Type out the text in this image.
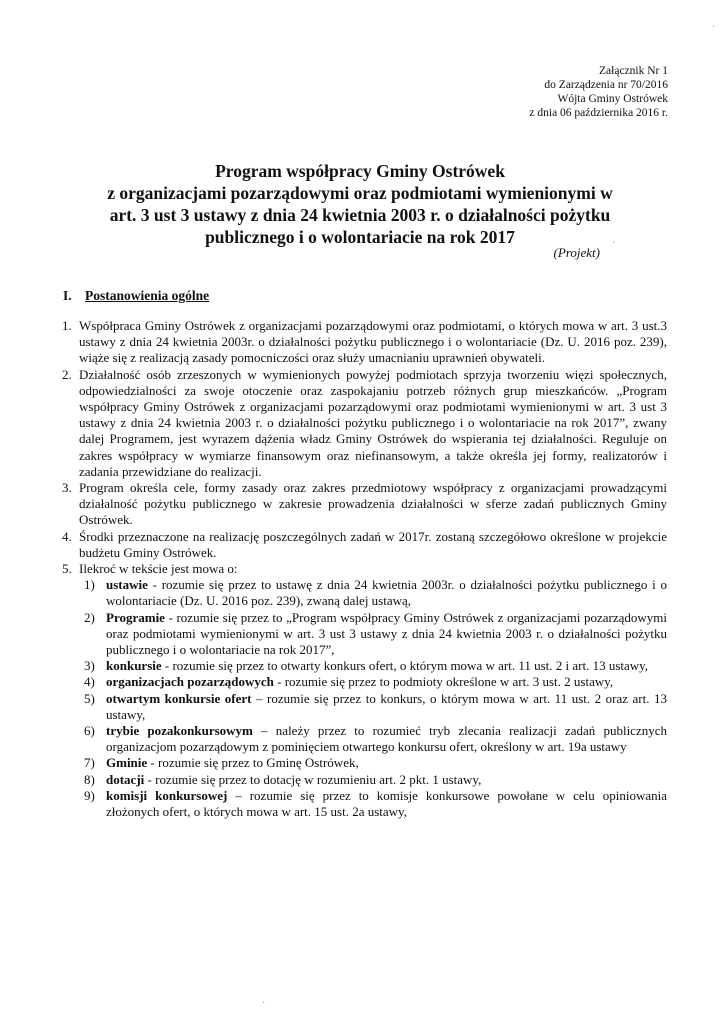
Załącznik Nr 1
do Zarządzenia nr 70/2016
Wójta Gminy Ostrówek
z dnia 06 października 2016 r.
Program współpracy Gminy Ostrówek
z organizacjami pozarządowymi oraz podmiotami wymienionymi w
art. 3 ust 3 ustawy z dnia 24 kwietnia 2003 r. o działalności pożytku
publicznego i o wolontariacie na rok 2017
(Projekt)
I. Postanowienia ogólne
1. Współpraca Gminy Ostrówek z organizacjami pozarządowymi oraz podmiotami, o których mowa w art. 3 ust.3 ustawy z dnia 24 kwietnia 2003r. o działalności pożytku publicznego i o wolontariacie (Dz. U. 2016 poz. 239), wiąże się z realizacją zasady pomocniczości oraz służy umacnianiu uprawnień obywateli.
2. Działalność osób zrzeszonych w wymienionych powyżej podmiotach sprzyja tworzeniu więzi społecznych, odpowiedzialności za swoje otoczenie oraz zaspokajaniu potrzeb różnych grup mieszkańców. „Program współpracy Gminy Ostrówek z organizacjami pozarządowymi oraz podmiotami wymienionymi w art. 3 ust 3 ustawy z dnia 24 kwietnia 2003 r. o działalności pożytku publicznego i o wolontariacie na rok 2017”, zwany dalej Programem, jest wyrazem dążenia władz Gminy Ostrówek do wspierania tej działalności. Reguluje on zakres współpracy w wymiarze finansowym oraz niefinansowym, a także określa jej formy, realizatorów i zadania przewidziane do realizacji.
3. Program określa cele, formy zasady oraz zakres przedmiotowy współpracy z organizacjami prowadzącymi działalność pożytku publicznego w zakresie prowadzenia działalności w sferze zadań publicznych Gminy Ostrówek.
4. Środki przeznaczone na realizację poszczególnych zadań w 2017r. zostaną szczegółowo określone w projekcie budżetu Gminy Ostrówek.
5. Ilekroć w tekście jest mowa o:
1) ustawie - rozumie się przez to ustawę z dnia 24 kwietnia 2003r. o działalności pożytku publicznego i o wolontariacie (Dz. U. 2016 poz. 239), zwaną dalej ustawą,
2) Programie - rozumie się przez to „Program współpracy Gminy Ostrówek z organizacjami pozarządowymi oraz podmiotami wymienionymi w art. 3 ust 3 ustawy z dnia 24 kwietnia 2003 r. o działalności pożytku publicznego i o wolontariacie na rok 2017”,
3) konkursie - rozumie się przez to otwarty konkurs ofert, o którym mowa w art. 11 ust. 2 i art. 13 ustawy,
4) organizacjach pozarządowych - rozumie się przez to podmioty określone w art. 3 ust. 2 ustawy,
5) otwartym konkursie ofert – rozumie się przez to konkurs, o którym mowa w art. 11 ust. 2 oraz art. 13 ustawy,
6) trybie pozakonkursowym – należy przez to rozumieć tryb zlecania realizacji zadań publicznych organizacjom pozarządowym z pominięciem otwartego konkursu ofert, określony w art. 19a ustawy
7) Gminie - rozumie się przez to Gminę Ostrówek,
8) dotacji - rozumie się przez to dotację w rozumieniu art. 2 pkt. 1 ustawy,
9) komisji konkursowej – rozumie się przez to komisje konkursowe powołane w celu opiniowania złożonych ofert, o których mowa w art. 15 ust. 2a ustawy,
·
·
·
